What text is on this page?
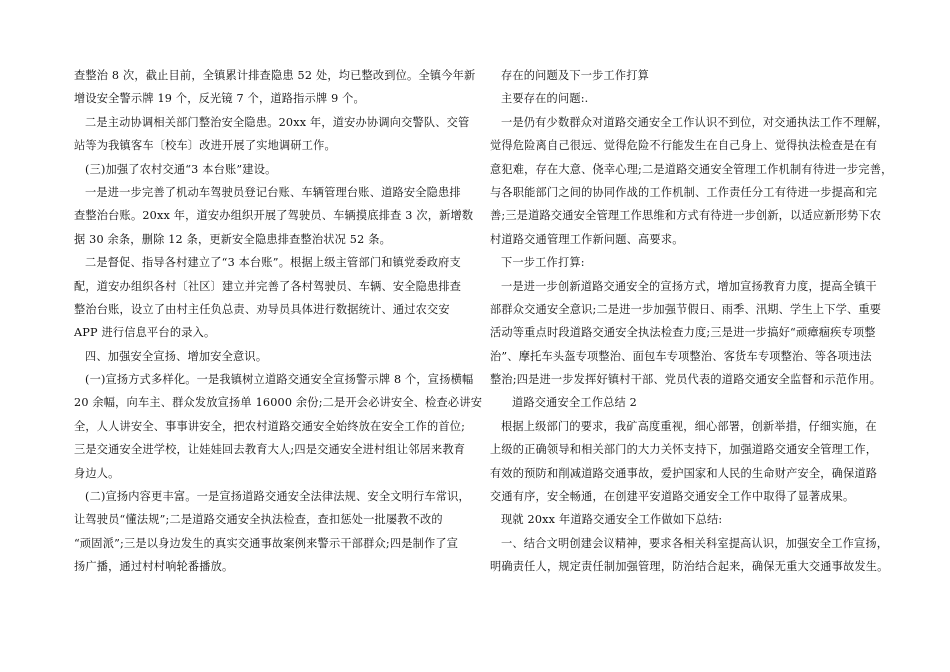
查整治 8 次，截止目前，全镇累计排查隐患 52 处，均已整改到位。全镇今年新
增设安全警示牌 19 个，反光镜 7 个，道路指示牌 9 个。
二是主动协调相关部门整治安全隐患。20xx 年，道安办协调向交警队、交管
站等为我镇客车〔校车〕改进开展了实地调研工作。
(三)加强了农村交通“3 本台账”建设。
一是进一步完善了机动车驾驶员登记台账、车辆管理台账、道路安全隐患排
查整治台账。20xx 年，道安办组织开展了驾驶员、车辆摸底排查 3 次，新增数
据 30 余条，删除 12 条，更新安全隐患排查整治状况 52 条。
二是督促、指导各村建立了“3 本台账”。根据上级主管部门和镇党委政府支
配，道安办组织各村〔社区〕建立并完善了各村驾驶员、车辆、安全隐患排查
整治台账，设立了由村主任负总责、劝导员具体进行数据统计、通过农交安
APP 进行信息平台的录入。
四、加强安全宣扬、增加安全意识。
(一)宣扬方式多样化。一是我镇树立道路交通安全宣扬警示牌 8 个，宣扬横幅
20 余幅，向车主、群众发放宣扬单 16000 余份;二是开会必讲安全、检查必讲安
全，人人讲安全、事事讲安全，把农村道路交通安全始终放在安全工作的首位;
三是交通安全进学校，让娃娃回去教育大人;四是交通安全进村组让邻居来教育
身边人。
(二)宣扬内容更丰富。一是宣扬道路交通安全法律法规、安全文明行车常识，
让驾驶员“懂法规”;二是道路交通安全执法检查，查扣惩处一批屡教不改的
“顽固派”;三是以身边发生的真实交通事故案例来警示干部群众;四是制作了宣
扬广播，通过村村响轮番播放。
存在的问题及下一步工作打算
主要存在的问题:.
一是仍有少数群众对道路交通安全工作认识不到位，对交通执法工作不理解，
觉得危险离自己很远、觉得危险不行能发生在自己身上、觉得执法检查是在有
意犯难，存在大意、侥幸心理;二是道路交通安全管理工作机制有待进一步完善，
与各职能部门之间的协同作战的工作机制、工作责任分工有待进一步提高和完
善;三是道路交通安全管理工作思维和方式有待进一步创新，以适应新形势下农
村道路交通管理工作新问题、高要求。
下一步工作打算:
一是进一步创新道路交通安全的宣扬方式，增加宣扬教育力度，提高全镇干
部群众交通安全意识;二是进一步加强节假日、雨季、汛期、学生上下学、重要
活动等重点时段道路交通安全执法检查力度;三是进一步搞好“顽瘴痼疾专项整
治”、摩托车头盔专项整治、面包车专项整治、客货车专项整治、等各项违法
整治;四是进一步发挥好镇村干部、党员代表的道路交通安全监督和示范作用。
道路交通安全工作总结 2
根据上级部门的要求，我矿高度重视，细心部署，创新举措，仔细实施，在
上级的正确领导和相关部门的大力关怀支持下，加强道路交通安全管理工作，
有效的预防和削减道路交通事故，爱护国家和人民的生命财产安全，确保道路
交通有序，安全畅通，在创建平安道路交通安全工作中取得了显著成果。
现就 20xx 年道路交通安全工作做如下总结:
一、结合文明创建会议精神，要求各相关科室提高认识，加强安全工作宣扬，
明确责任人，规定责任制加强管理，防治结合起来，确保无重大交通事故发生。
